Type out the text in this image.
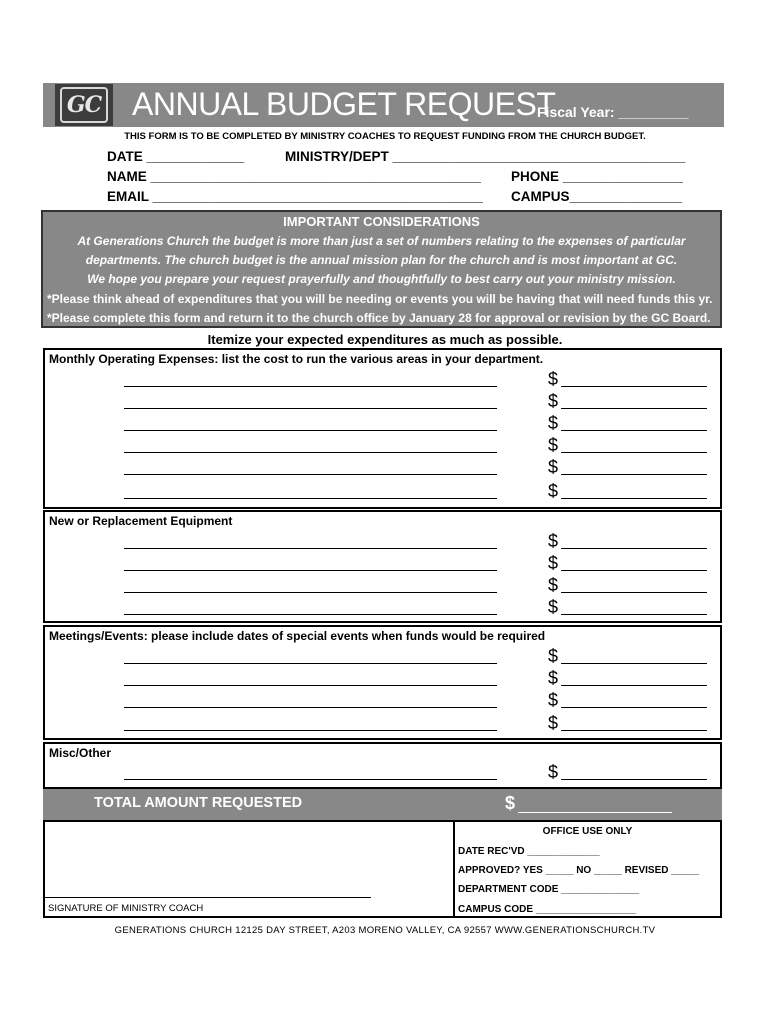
GC ANNUAL BUDGET REQUEST
Fiscal Year: _________
THIS FORM IS TO BE COMPLETED BY MINISTRY COACHES TO REQUEST FUNDING FROM THE CHURCH BUDGET.
DATE _____________	MINISTRY/DEPT _______________________________________
NAME ____________________________________________ PHONE ________________
EMAIL ____________________________________________ CAMPUS_______________
IMPORTANT CONSIDERATIONS
At Generations Church the budget is more than just a set of numbers relating to the expenses of particular
departments. The church budget is the annual mission plan for the church and is most important at GC.
We hope you prepare your request prayerfully and thoughtfully to best carry out your ministry mission.
*Please think ahead of expenditures that you will be needing or events you will be having that will need funds this yr.
*Please complete this form and return it to the church office by January 28 for approval or revision by the GC Board.
Itemize your expected expenditures as much as possible.
Monthly Operating Expenses: list the cost to run the various areas in your department.
$
$
$
$
$
$
New or Replacement Equipment
$
$
$
$
Meetings/Events: please include dates of special events when funds would be required
$
$
$
$
Misc/Other
$
TOTAL AMOUNT REQUESTED	$
SIGNATURE OF MINISTRY COACH
OFFICE USE ONLY
DATE REC'VD _____________
APPROVED? YES _____ NO _____ REVISED _____
DEPARTMENT CODE ______________
CAMPUS CODE __________________
GENERATIONS CHURCH 12125 DAY STREET, A203 MORENO VALLEY, CA 92557 WWW.GENERATIONSCHURCH.TV
